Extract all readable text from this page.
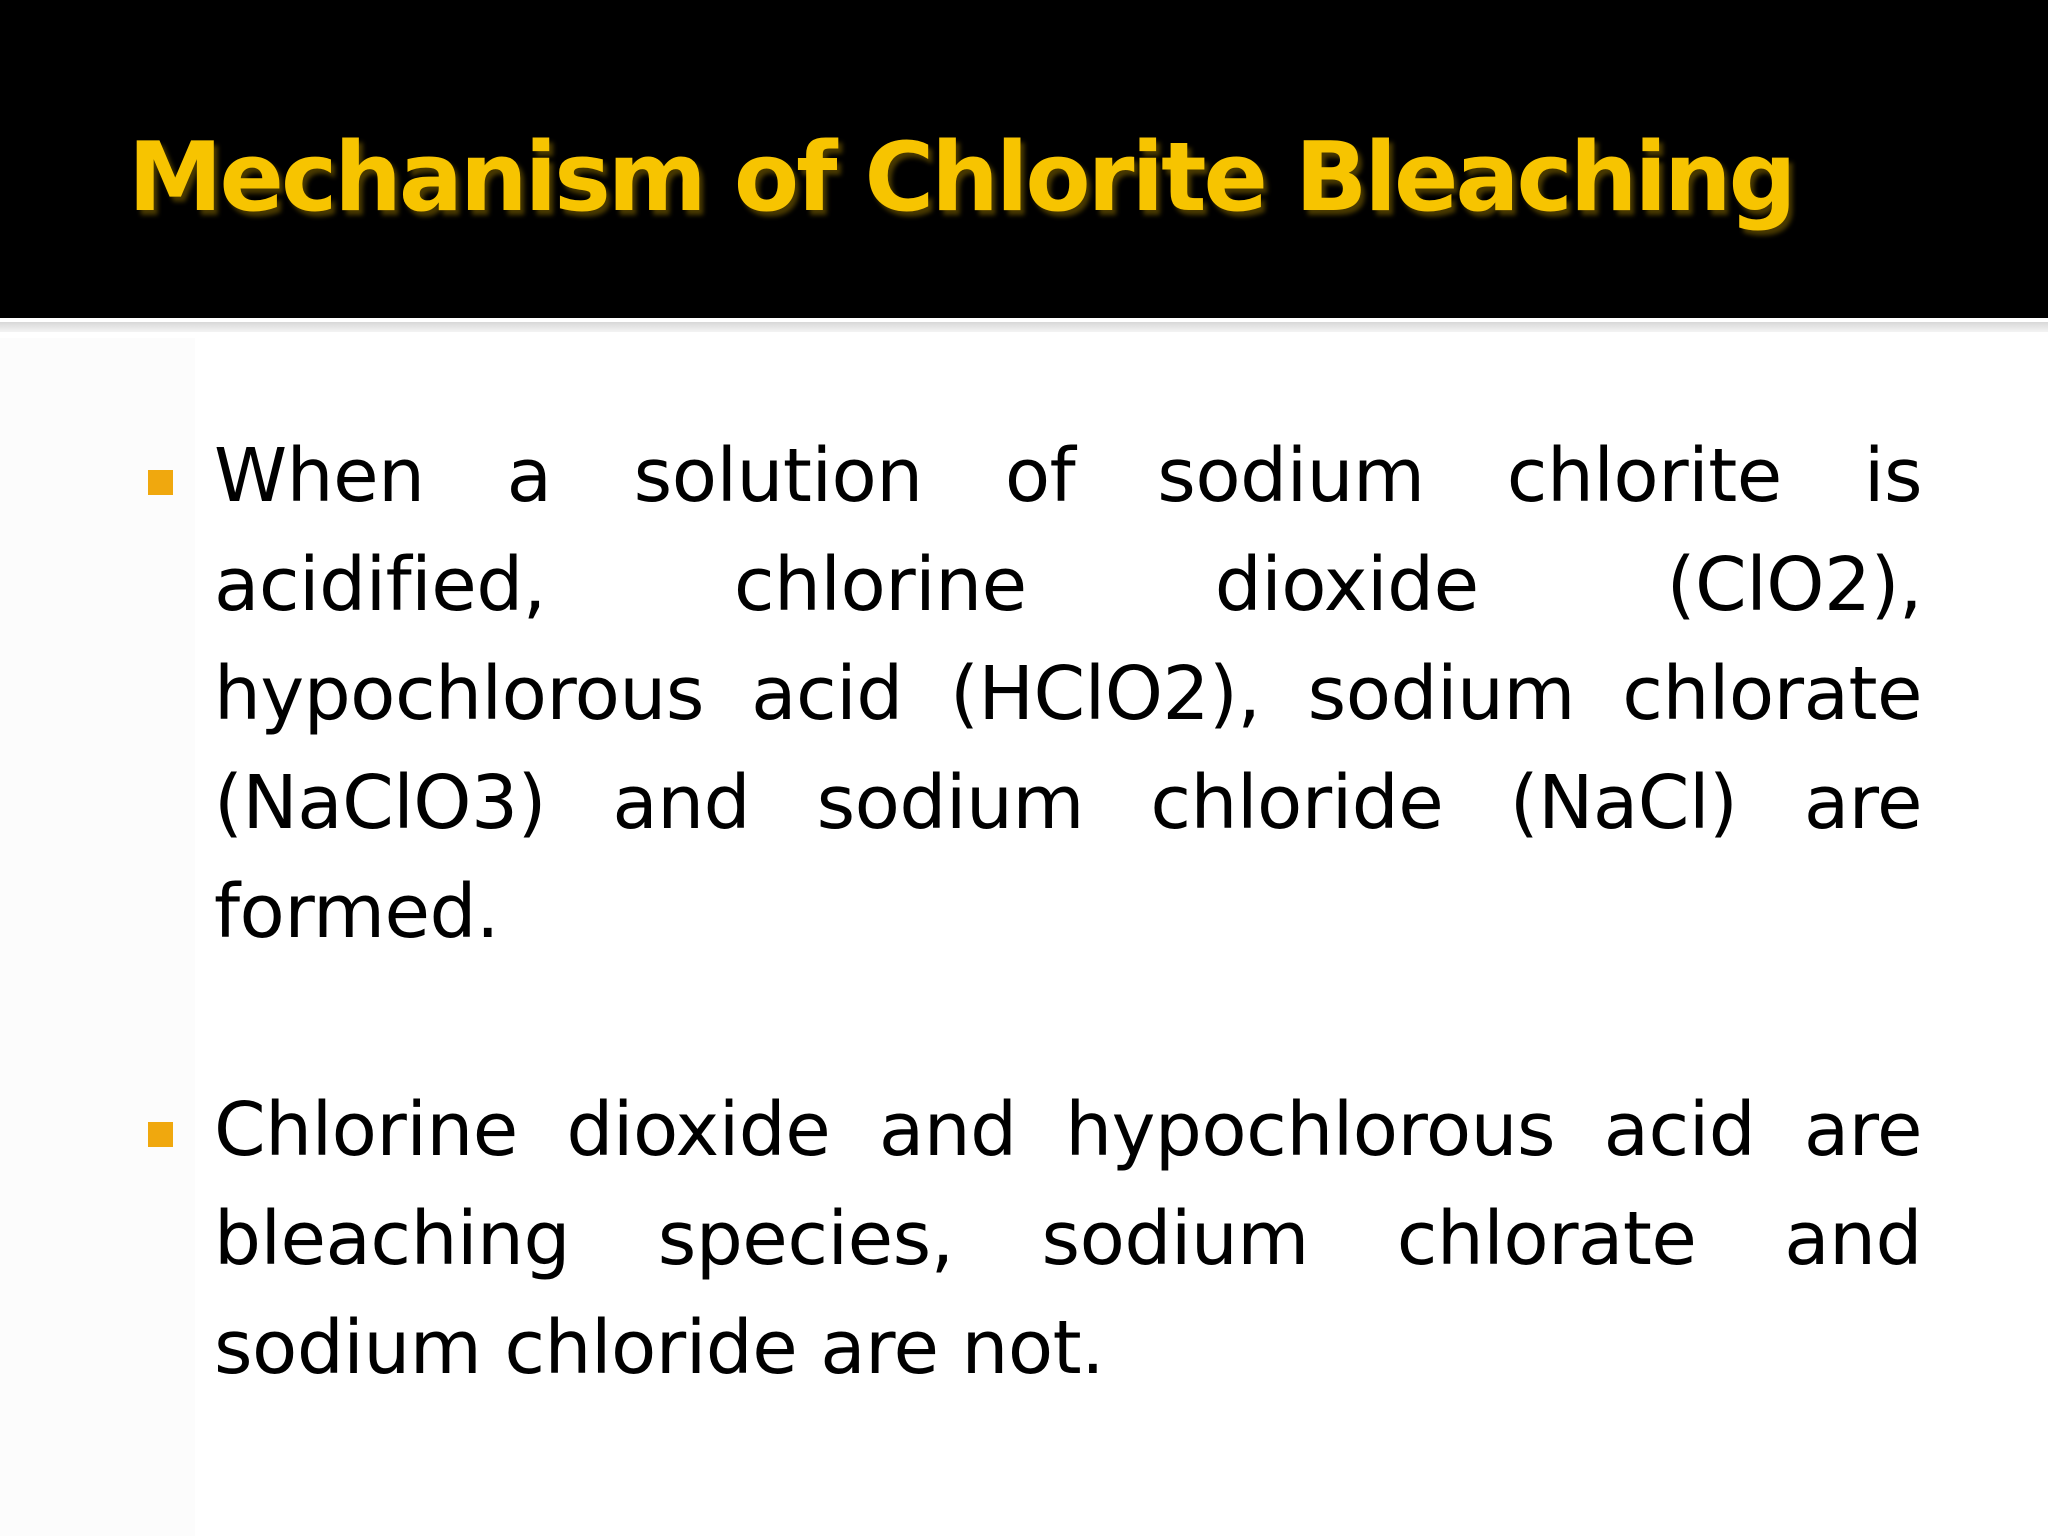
Mechanism of Chlorite Bleaching

When a solution of sodium chlorite is acidified, chlorine dioxide (ClO2), hypochlorous acid (HClO2), sodium chlorate (NaClO3) and sodium chloride (NaCl) are formed.

Chlorine dioxide and hypochlorous acid are bleaching species, sodium chlorate and sodium chloride are not.
